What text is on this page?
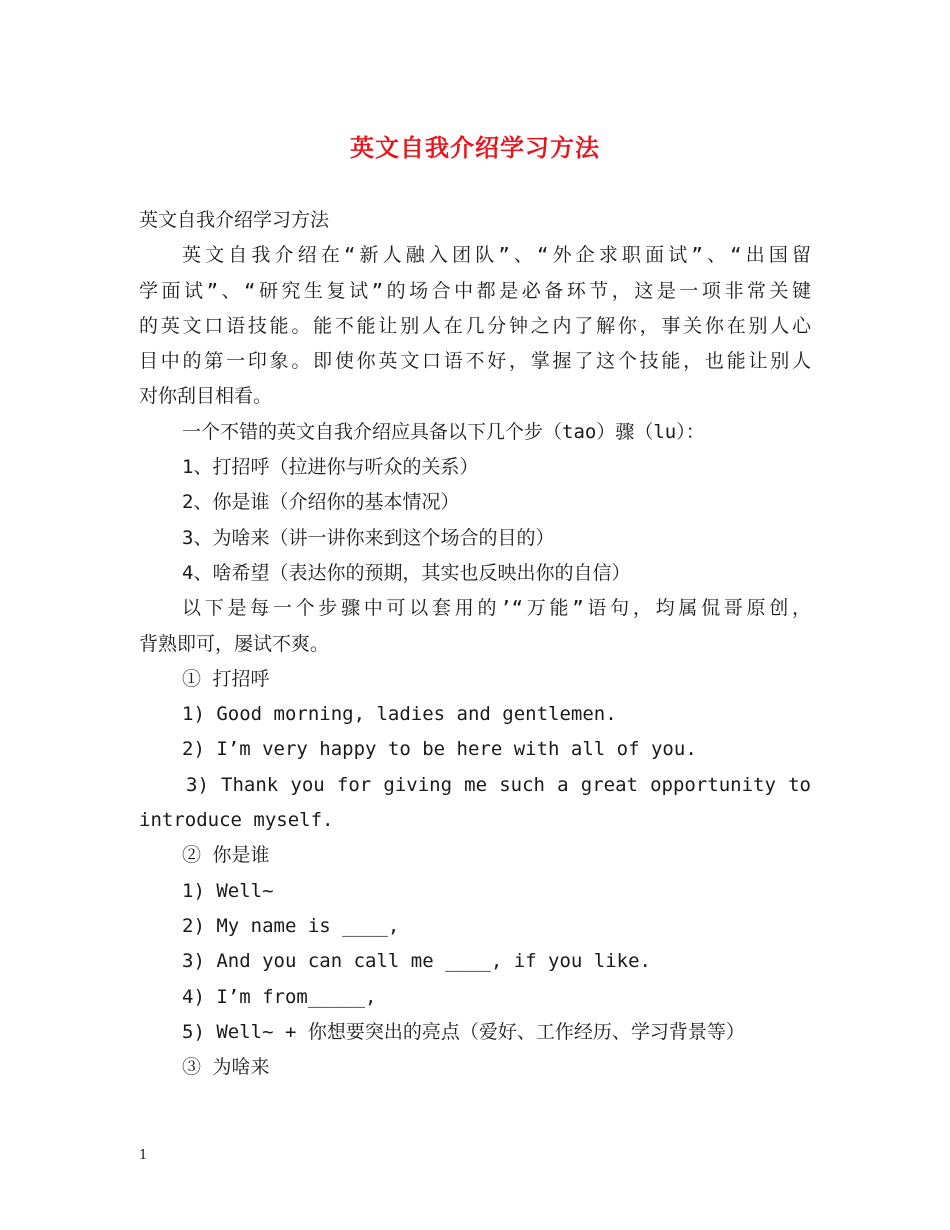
英文自我介绍学习方法
英文自我介绍学习方法
英文自我介绍在“新人融入团队”、“外企求职面试”、“出国留
学面试”、“研究生复试”的场合中都是必备环节，这是一项非常关键
的英文口语技能。能不能让别人在几分钟之内了解你，事关你在别人心
目中的第一印象。即使你英文口语不好，掌握了这个技能，也能让别人
对你刮目相看。
一个不错的英文自我介绍应具备以下几个步（tao）骤（lu）：
1、打招呼（拉进你与听众的关系）
2、你是谁（介绍你的基本情况）
3、为啥来（讲一讲你来到这个场合的目的）
4、啥希望（表达你的预期，其实也反映出你的自信）
以下是每一个步骤中可以套用的’“万能”语句，均属侃哥原创，
背熟即可，屡试不爽。
① 打招呼
1) Good morning, ladies and gentlemen.
2) I’m very happy to be here with all of you.
3) Thank you for giving me such a great opportunity to
introduce myself.
② 你是谁
1) Well~
2) My name is ____,
3) And you can call me ____, if you like.
4) I’m from_____,
5) Well~ + 你想要突出的亮点（爱好、工作经历、学习背景等）
③ 为啥来
1
